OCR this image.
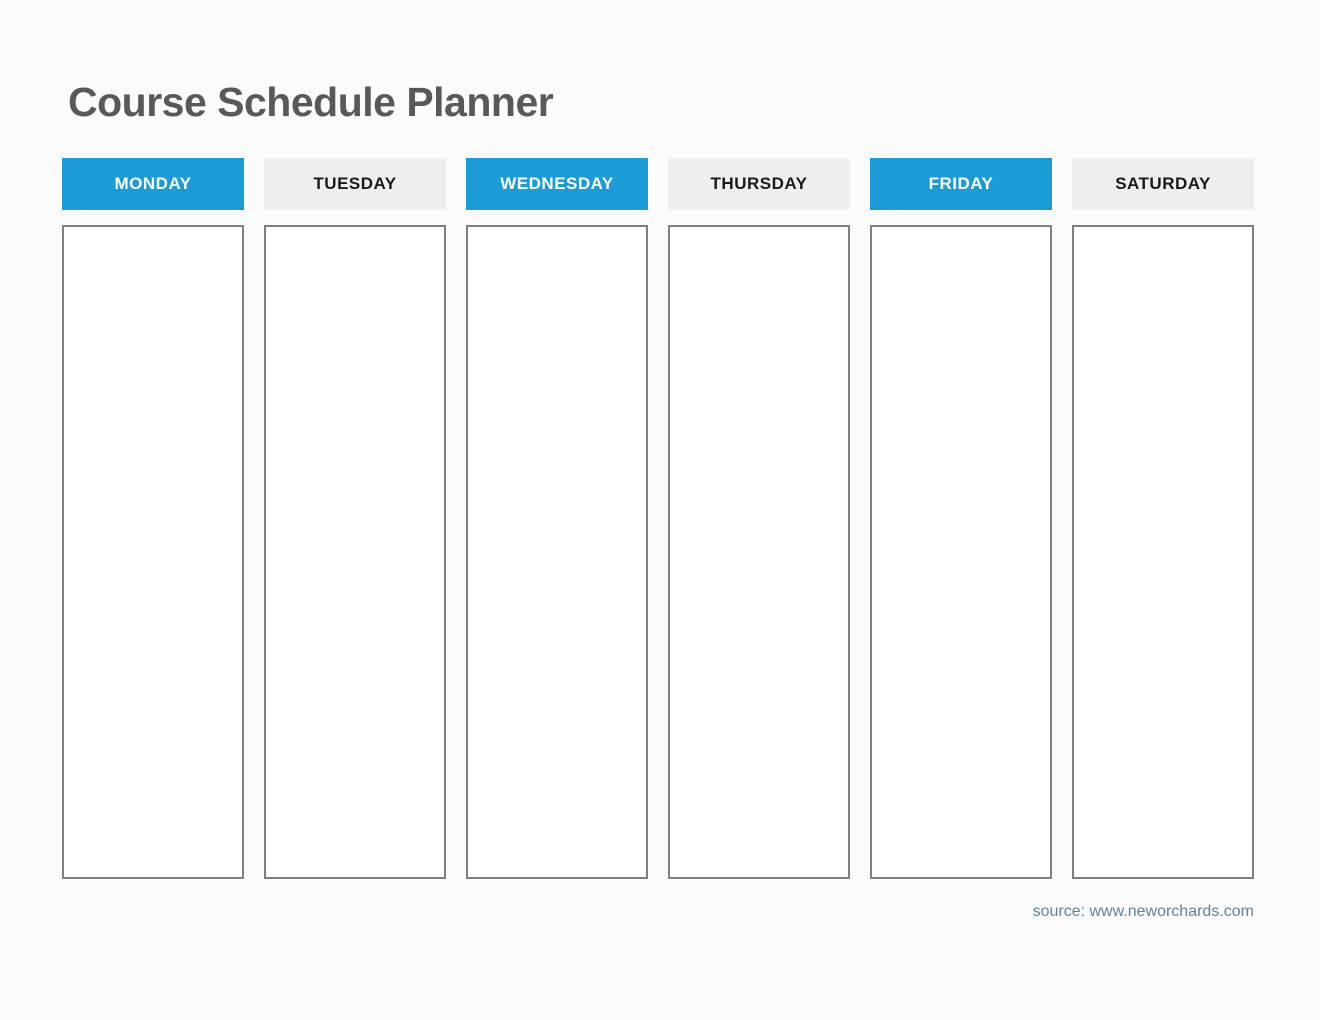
Course Schedule Planner
MONDAY	TUESDAY	WEDNESDAY	THURSDAY	FRIDAY	SATURDAY
source: www.neworchards.com
